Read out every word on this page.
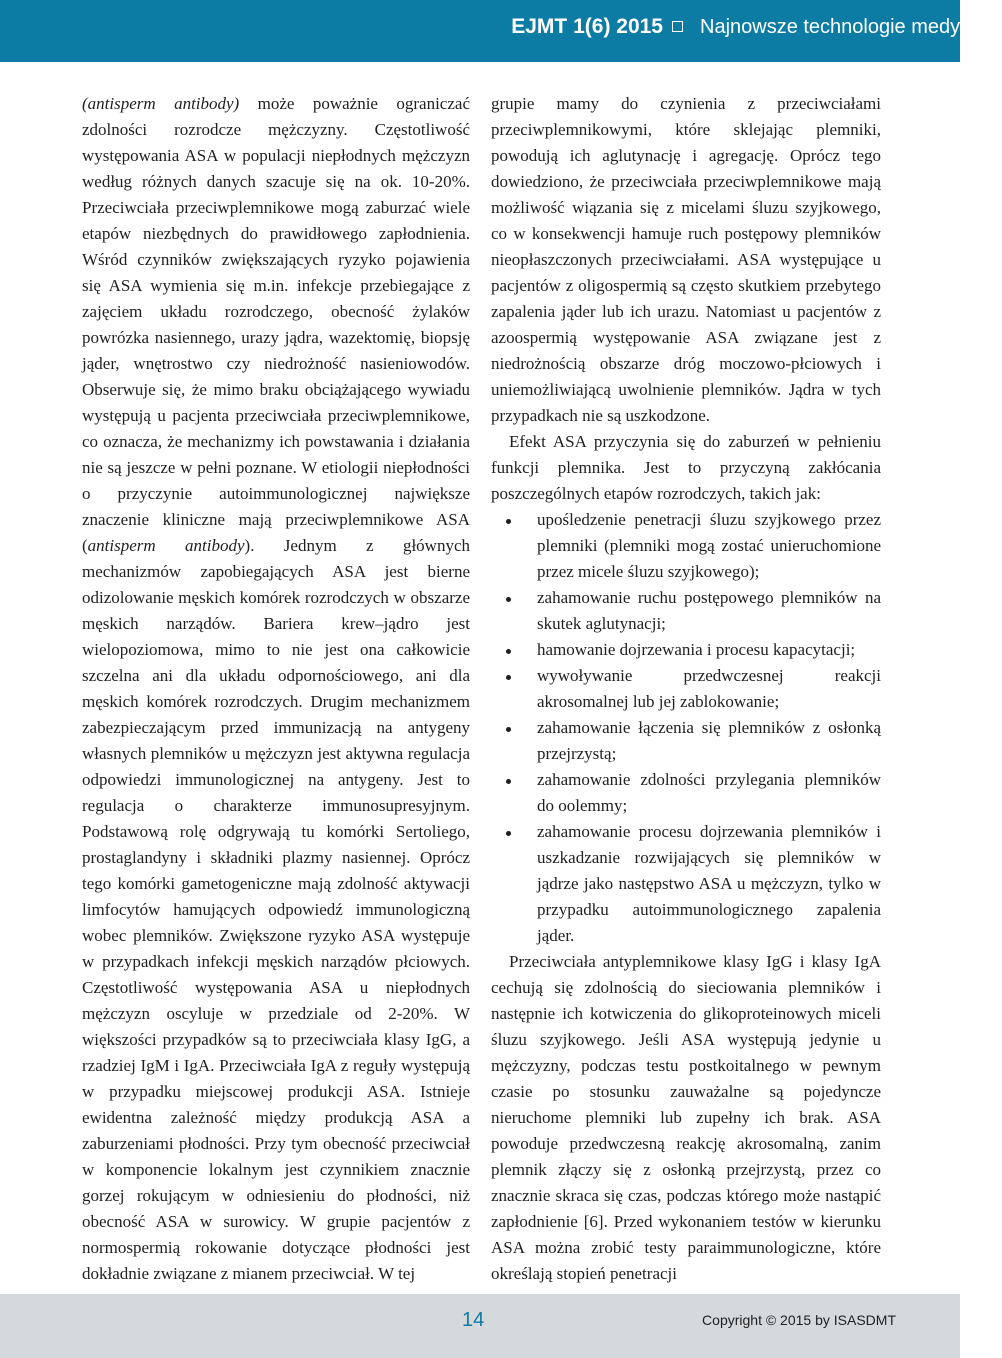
EJMT 1(6) 2015	Najnowsze technologie medyczne

(antisperm antibody) może poważnie ograniczać zdolności rozrodcze mężczyzny. Częstotliwość występowania ASA w populacji niepłodnych mężczyzn według różnych danych szacuje się na ok. 10-20%. Przeciwciała przeciwplemnikowe mogą zaburzać wiele etapów niezbędnych do prawidłowego zapłodnienia. Wśród czynników zwiększających ryzyko pojawienia się ASA wymienia się m.in. infekcje przebiegające z zajęciem układu rozrodczego, obecność żylaków powrózka nasiennego, urazy jądra, wazektomię, biopsję jąder, wnętrostwo czy niedrożność nasieniowodów. Obserwuje się, że mimo braku obciążającego wywiadu występują u pacjenta przeciwciała przeciwplemnikowe, co oznacza, że mechanizmy ich powstawania i działania nie są jeszcze w pełni poznane. W etiologii niepłodności o przyczynie autoimmunologicznej największe znaczenie kliniczne mają przeciwplemnikowe ASA (antisperm antibody). Jednym z głównych mechanizmów zapobiegających ASA jest bierne odizolowanie męskich komórek rozrodczych w obszarze męskich narządów. Bariera krew–jądro jest wielopoziomowa, mimo to nie jest ona całkowicie szczelna ani dla układu odpornościowego, ani dla męskich komórek rozrodczych. Drugim mechanizmem zabezpieczającym przed immunizacją na antygeny własnych plemników u mężczyzn jest aktywna regulacja odpowiedzi immunologicznej na antygeny. Jest to regulacja o charakterze immunosupresyjnym. Podstawową rolę odgrywają tu komórki Sertoliego, prostaglandyny i składniki plazmy nasiennej. Oprócz tego komórki gametogeniczne mają zdolność aktywacji limfocytów hamujących odpowiedź immunologiczną wobec plemników. Zwiększone ryzyko ASA występuje w przypadkach infekcji męskich narządów płciowych. Częstotliwość występowania ASA u niepłodnych mężczyzn oscyluje w przedziale od 2-20%. W większości przypadków są to przeciwciała klasy IgG, a rzadziej IgM i IgA. Przeciwciała IgA z reguły występują w przypadku miejscowej produkcji ASA. Istnieje ewidentna zależność między produkcją ASA a zaburzeniami płodności. Przy tym obecność przeciwciał w komponencie lokalnym jest czynnikiem znacznie gorzej rokującym w odniesieniu do płodności, niż obecność ASA w surowicy. W grupie pacjentów z normospermią rokowanie dotyczące płodności jest dokładnie związane z mianem przeciwciał. W tej

grupie mamy do czynienia z przeciwciałami przeciwplemnikowymi, które sklejając plemniki, powodują ich aglutynację i agregację. Oprócz tego dowiedziono, że przeciwciała przeciwplemnikowe mają możliwość wiązania się z micelami śluzu szyjkowego, co w konsekwencji hamuje ruch postępowy plemników nieopłaszczonych przeciwciałami. ASA występujące u pacjentów z oligospermią są często skutkiem przebytego zapalenia jąder lub ich urazu. Natomiast u pacjentów z azoospermią występowanie ASA związane jest z niedrożnością obszarze dróg moczowo-płciowych i uniemożliwiającą uwolnienie plemników. Jądra w tych przypadkach nie są uszkodzone.

Efekt ASA przyczynia się do zaburzeń w pełnieniu funkcji plemnika. Jest to przyczyną zakłócania poszczególnych etapów rozrodczych, takich jak:

upośledzenie penetracji śluzu szyjkowego przez plemniki (plemniki mogą zostać unieruchomione przez micele śluzu szyjkowego);
zahamowanie ruchu postępowego plemników na skutek aglutynacji;
hamowanie dojrzewania i procesu kapacytacji;
wywoływanie przedwczesnej reakcji akrosomalnej lub jej zablokowanie;
zahamowanie łączenia się plemników z osłonką przejrzystą;
zahamowanie zdolności przylegania plemników do oolemmy;
zahamowanie procesu dojrzewania plemników i uszkadzanie rozwijających się plemników w jądrze jako następstwo ASA u mężczyzn, tylko w przypadku autoimmunologicznego zapalenia jąder.

Przeciwciała antyplemnikowe klasy IgG i klasy IgA cechują się zdolnością do sieciowania plemników i następnie ich kotwiczenia do glikoproteinowych miceli śluzu szyjkowego. Jeśli ASA występują jedynie u mężczyzny, podczas testu postkoitalnego w pewnym czasie po stosunku zauważalne są pojedyncze nieruchome plemniki lub zupełny ich brak. ASA powoduje przedwczesną reakcję akrosomalną, zanim plemnik złączy się z osłonką przejrzystą, przez co znacznie skraca się czas, podczas którego może nastąpić zapłodnienie [6]. Przed wykonaniem testów w kierunku ASA można zrobić testy paraimmunologiczne, które określają stopień penetracji

14	Copyright © 2015 by ISASDMT
